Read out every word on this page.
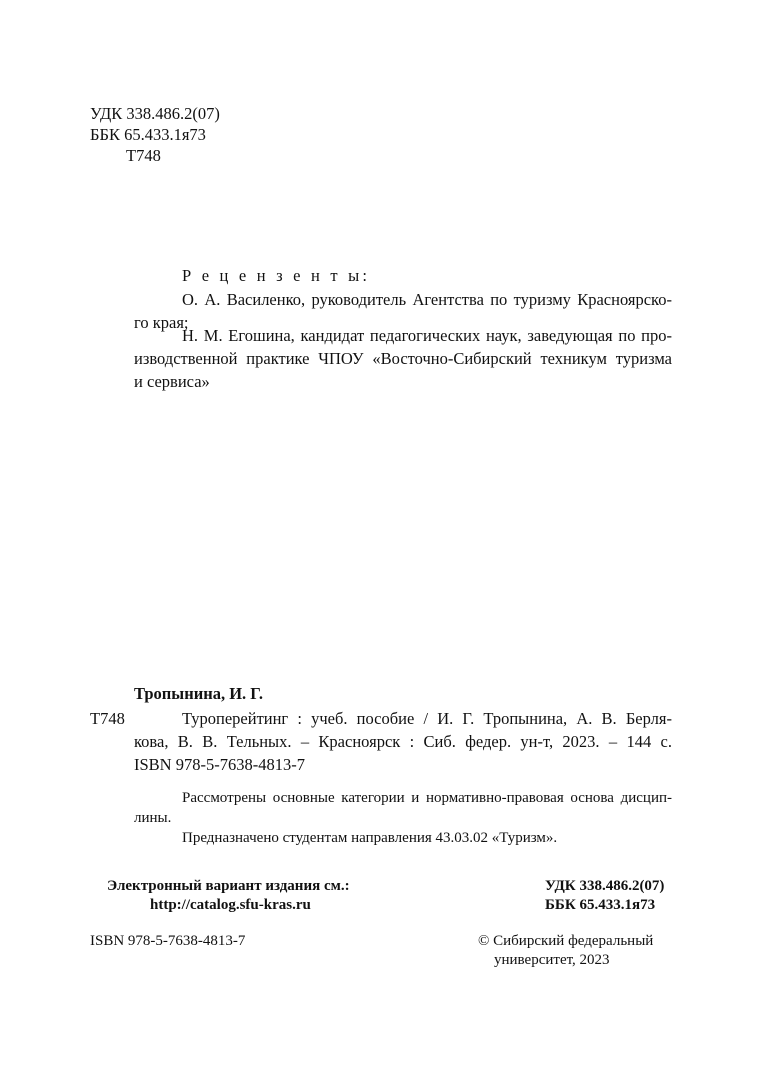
УДК 338.486.2(07)
ББК 65.433.1я73
Т748
Р е ц е н з е н т ы:
О. А. Василенко, руководитель Агентства по туризму Красноярско-
го края;
Н. М. Егошина, кандидат педагогических наук, заведующая по про-
изводственной практике ЧПОУ «Восточно-Сибирский техникум туризма
и сервиса»
Тропынина, И. Г.
Т748	Туроперейтинг : учеб. пособие / И. Г. Тропынина, А. В. Берля-
кова, В. В. Тельных. – Красноярск : Сиб. федер. ун-т, 2023. – 144 с.
ISBN 978-5-7638-4813-7
Рассмотрены основные категории и нормативно-правовая основа дисцип-
лины.
Предназначено студентам направления 43.03.02 «Туризм».
Электронный вариант издания см.:
http://catalog.sfu-kras.ru
УДК 338.486.2(07)
ББК 65.433.1я73
ISBN 978-5-7638-4813-7	© Сибирский федеральный
университет, 2023
